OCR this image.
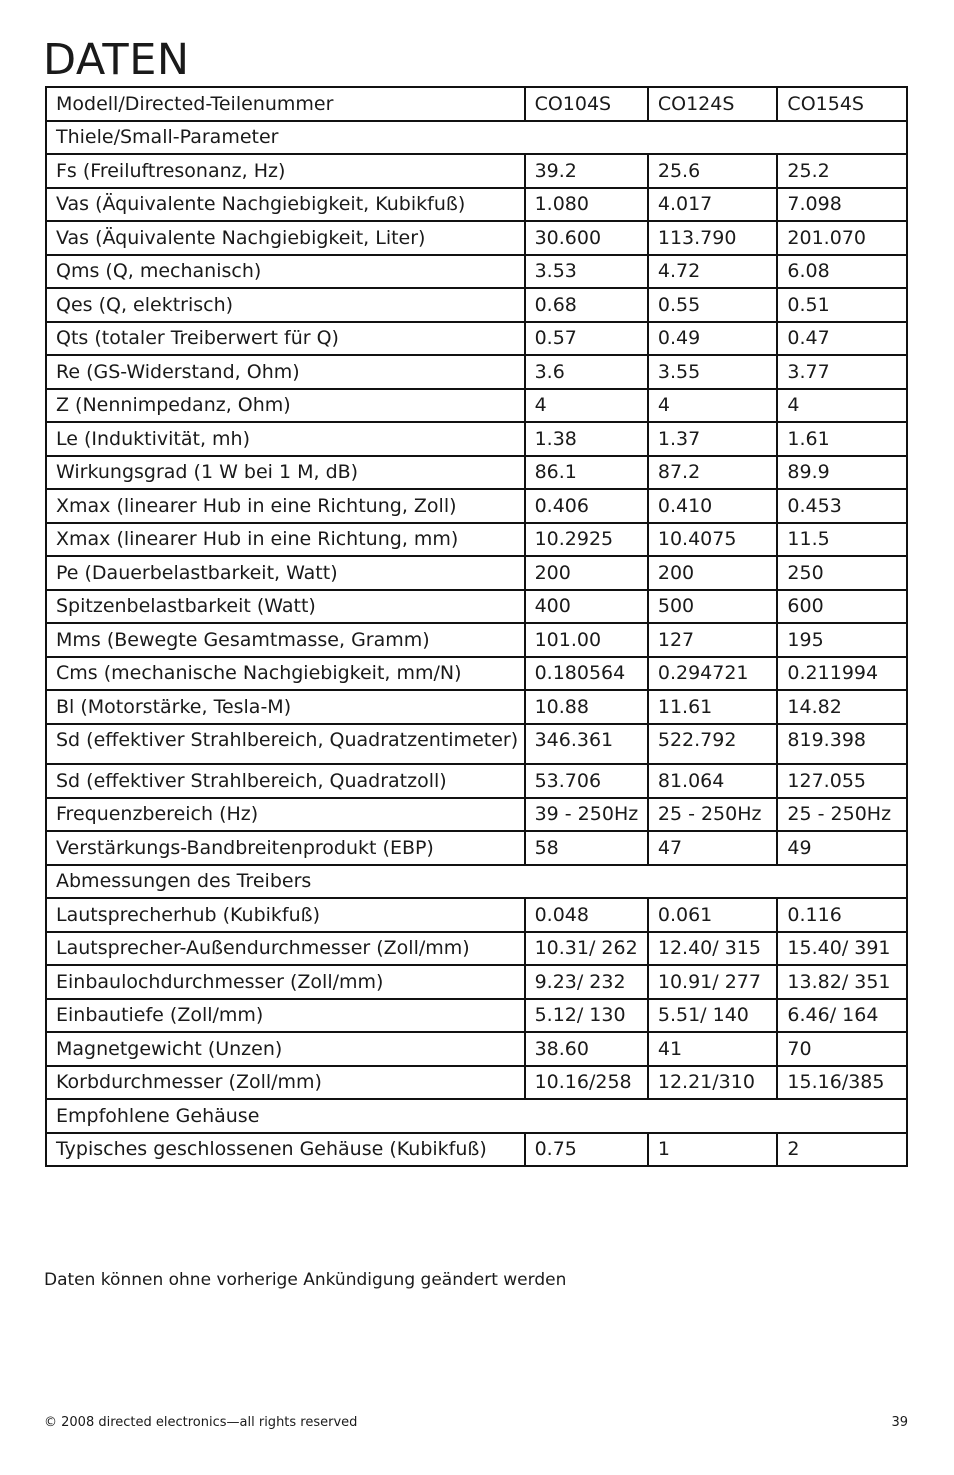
DATEN
Modell/Directed-Teilenummer	CO104S	CO124S	CO154S
Thiele/Small-Parameter			
Fs (Freiluftresonanz, Hz)	39.2	25.6	25.2
Vas (Äquivalente Nachgiebigkeit, Kubikfuß)	1.080	4.017	7.098
Vas (Äquivalente Nachgiebigkeit, Liter)	30.600	113.790	201.070
Qms (Q, mechanisch)	3.53	4.72	6.08
Qes (Q, elektrisch)	0.68	0.55	0.51
Qts (totaler Treiberwert für Q)	0.57	0.49	0.47
Re (GS-Widerstand, Ohm)	3.6	3.55	3.77
Z (Nennimpedanz, Ohm)	4	4	4
Le (Induktivität, mh)	1.38	1.37	1.61
Wirkungsgrad (1 W bei 1 M, dB)	86.1	87.2	89.9
Xmax (linearer Hub in eine Richtung, Zoll)	0.406	0.410	0.453
Xmax (linearer Hub in eine Richtung, mm)	10.2925	10.4075	11.5
Pe (Dauerbelastbarkeit, Watt)	200	200	250
Spitzenbelastbarkeit (Watt)	400	500	600
Mms (Bewegte Gesamtmasse, Gramm)	101.00	127	195
Cms (mechanische Nachgiebigkeit, mm/N)	0.180564	0.294721	0.211994
Bl (Motorstärke, Tesla-M)	10.88	11.61	14.82
Sd (effektiver Strahlbereich, Quadratzentimeter)	346.361	522.792	819.398
Sd (effektiver Strahlbereich, Quadratzoll)	53.706	81.064	127.055
Frequenzbereich (Hz)	39 - 250Hz	25 - 250Hz	25 - 250Hz
Verstärkungs-Bandbreitenprodukt (EBP)	58	47	49
Abmessungen des Treibers			
Lautsprecherhub (Kubikfuß)	0.048	0.061	0.116
Lautsprecher-Außendurchmesser (Zoll/mm)	10.31/ 262	12.40/ 315	15.40/ 391
Einbaulochdurchmesser (Zoll/mm)	9.23/ 232	10.91/ 277	13.82/ 351
Einbautiefe (Zoll/mm)	5.12/ 130	5.51/ 140	6.46/ 164
Magnetgewicht (Unzen)	38.60	41	70
Korbdurchmesser (Zoll/mm)	10.16/258	12.21/310	15.16/385
Empfohlene Gehäuse			
Typisches geschlossenen Gehäuse (Kubikfuß)	0.75	1	2
Daten können ohne vorherige Ankündigung geändert werden
© 2008 directed electronics—all rights reserved	39
